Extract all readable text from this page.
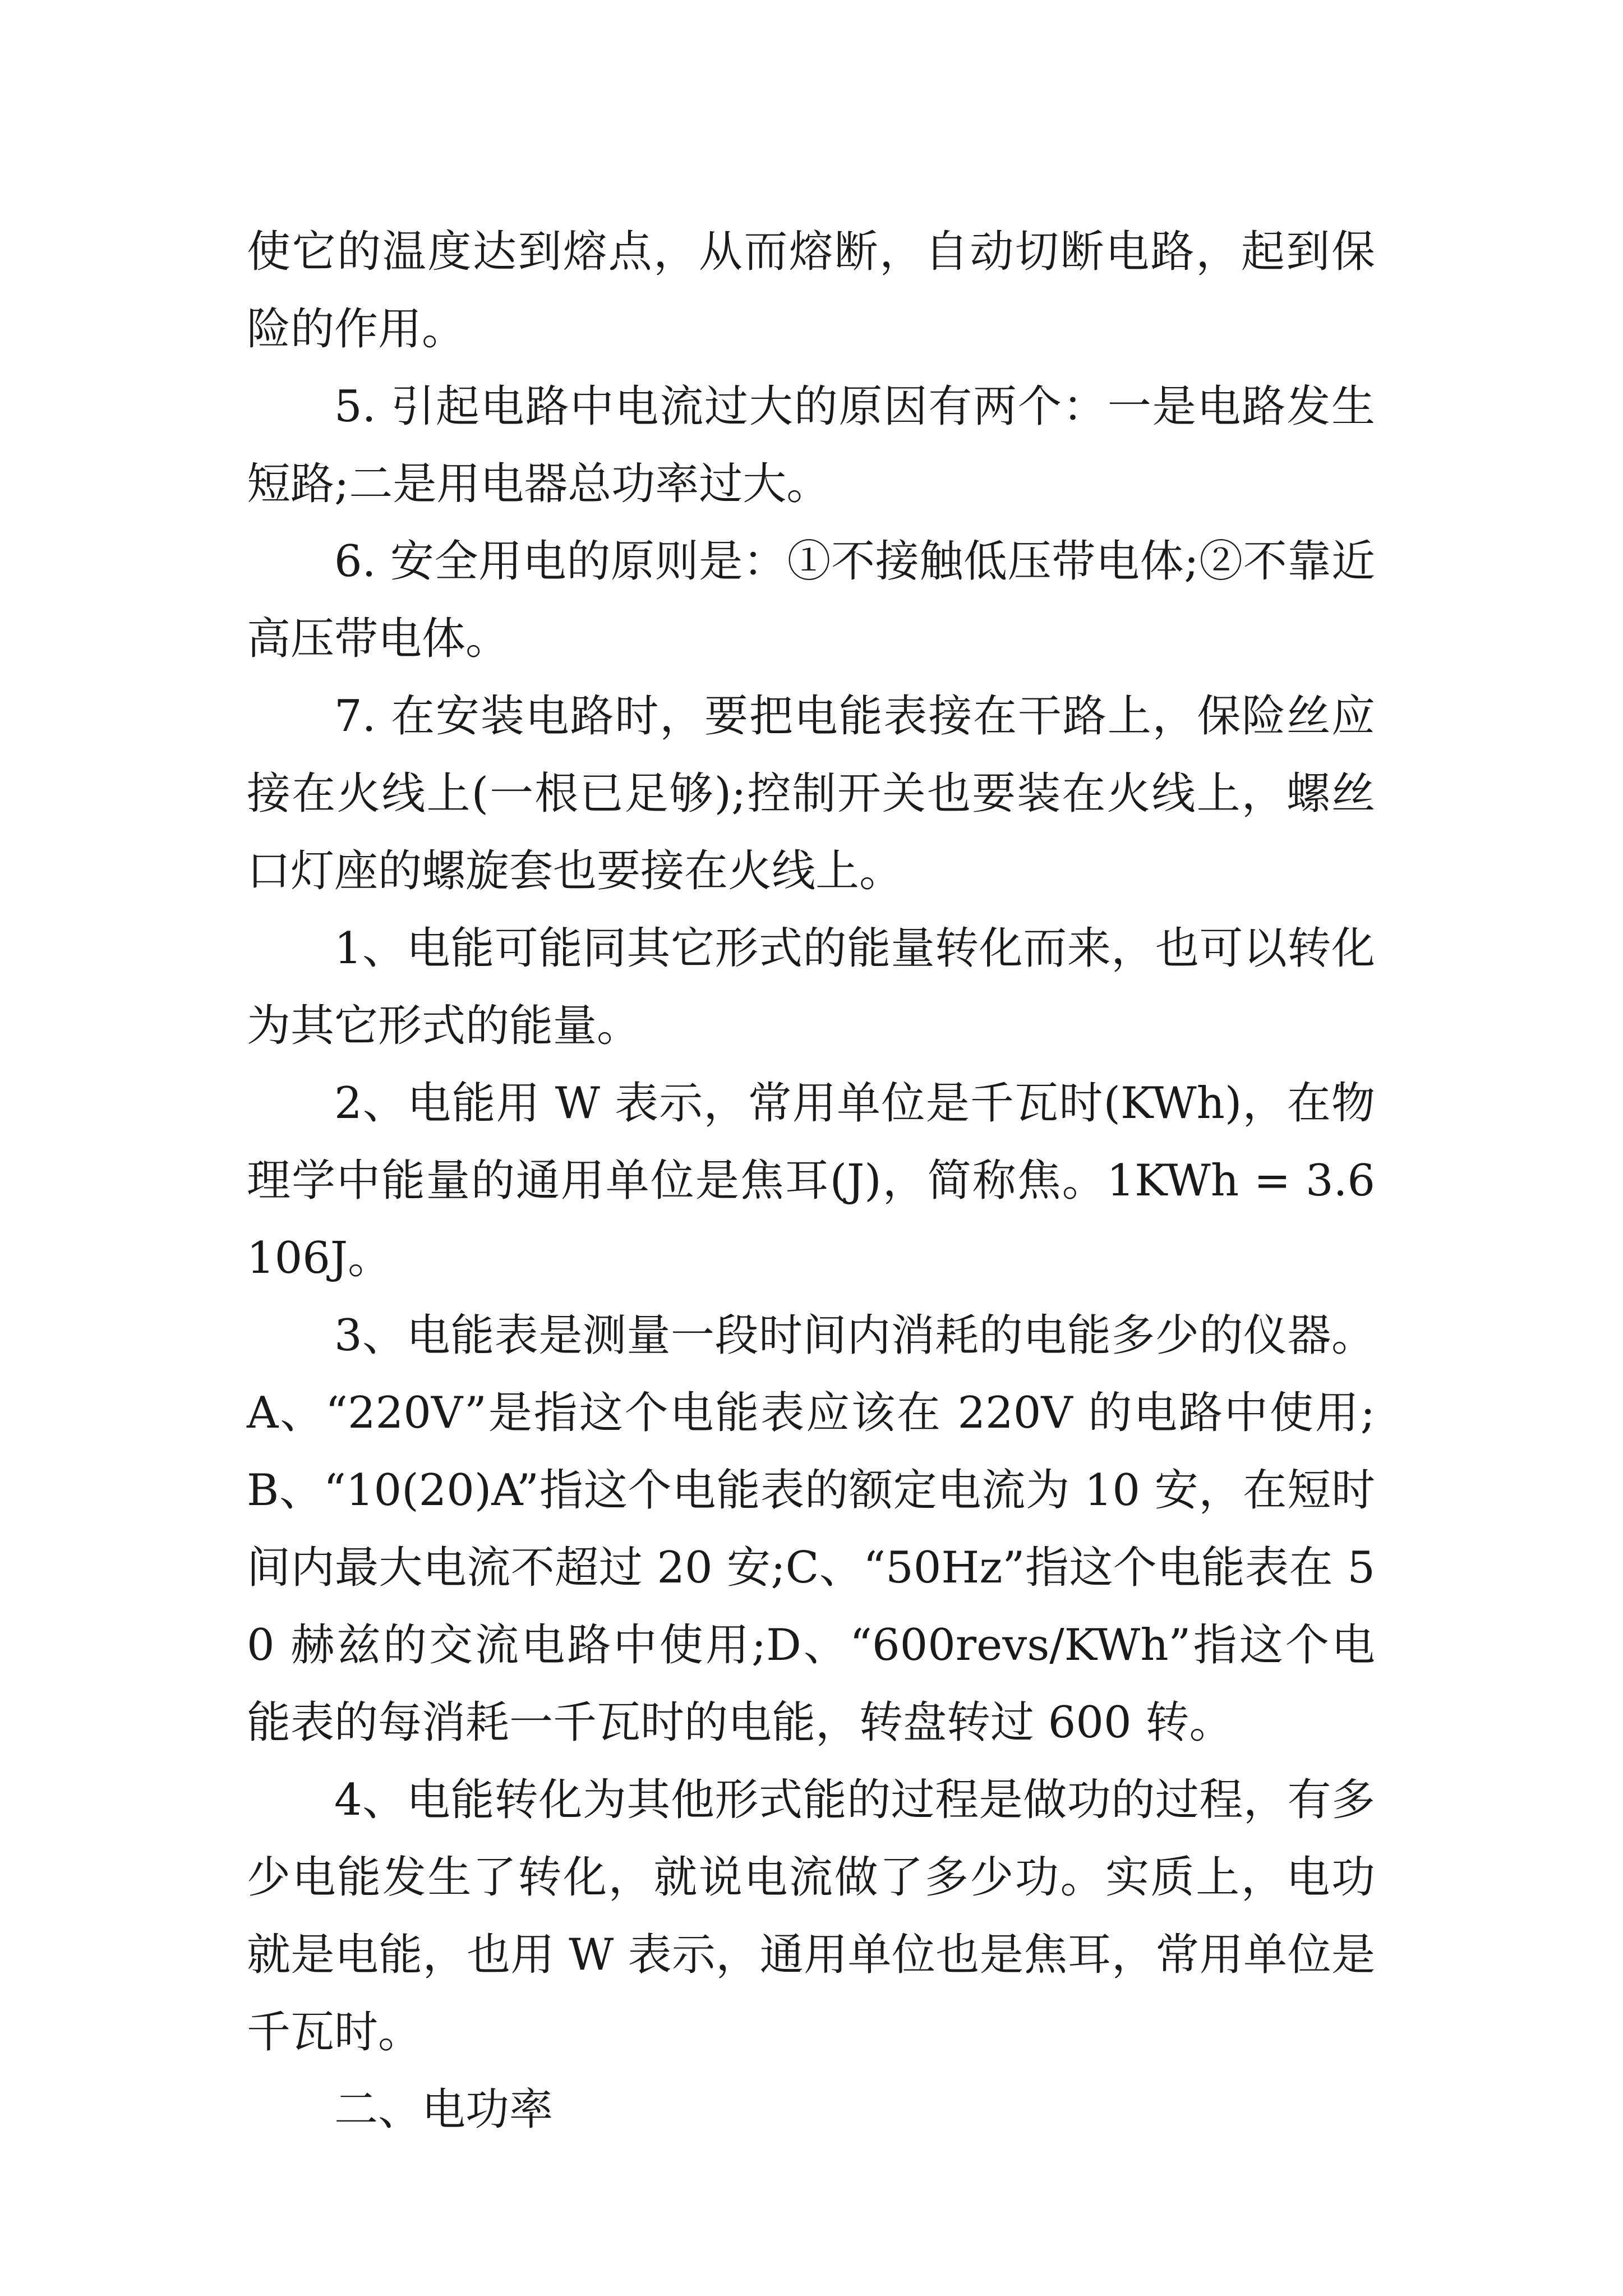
使它的温度达到熔点，从而熔断，自动切断电路，起到保险的作用。

5. 引起电路中电流过大的原因有两个：一是电路发生短路;二是用电器总功率过大。

6. 安全用电的原则是：①不接触低压带电体;②不靠近高压带电体。

7. 在安装电路时，要把电能表接在干路上，保险丝应接在火线上(一根已足够);控制开关也要装在火线上，螺丝口灯座的螺旋套也要接在火线上。

1、电能可能同其它形式的能量转化而来，也可以转化为其它形式的能量。

2、电能用 W 表示，常用单位是千瓦时(KWh)，在物理学中能量的通用单位是焦耳(J)，简称焦。1KWh = 3.6 106J。

3、电能表是测量一段时间内消耗的电能多少的仪器。A、“220V”是指这个电能表应该在 220V 的电路中使用;B、“10(20)A”指这个电能表的额定电流为 10 安，在短时间内最大电流不超过 20 安;C、“50Hz”指这个电能表在 50 赫兹的交流电路中使用;D、“600revs/KWh”指这个电能表的每消耗一千瓦时的电能，转盘转过 600 转。

4、电能转化为其他形式能的过程是做功的过程，有多少电能发生了转化，就说电流做了多少功。实质上，电功就是电能，也用 W 表示，通用单位也是焦耳，常用单位是千瓦时。

二、电功率
